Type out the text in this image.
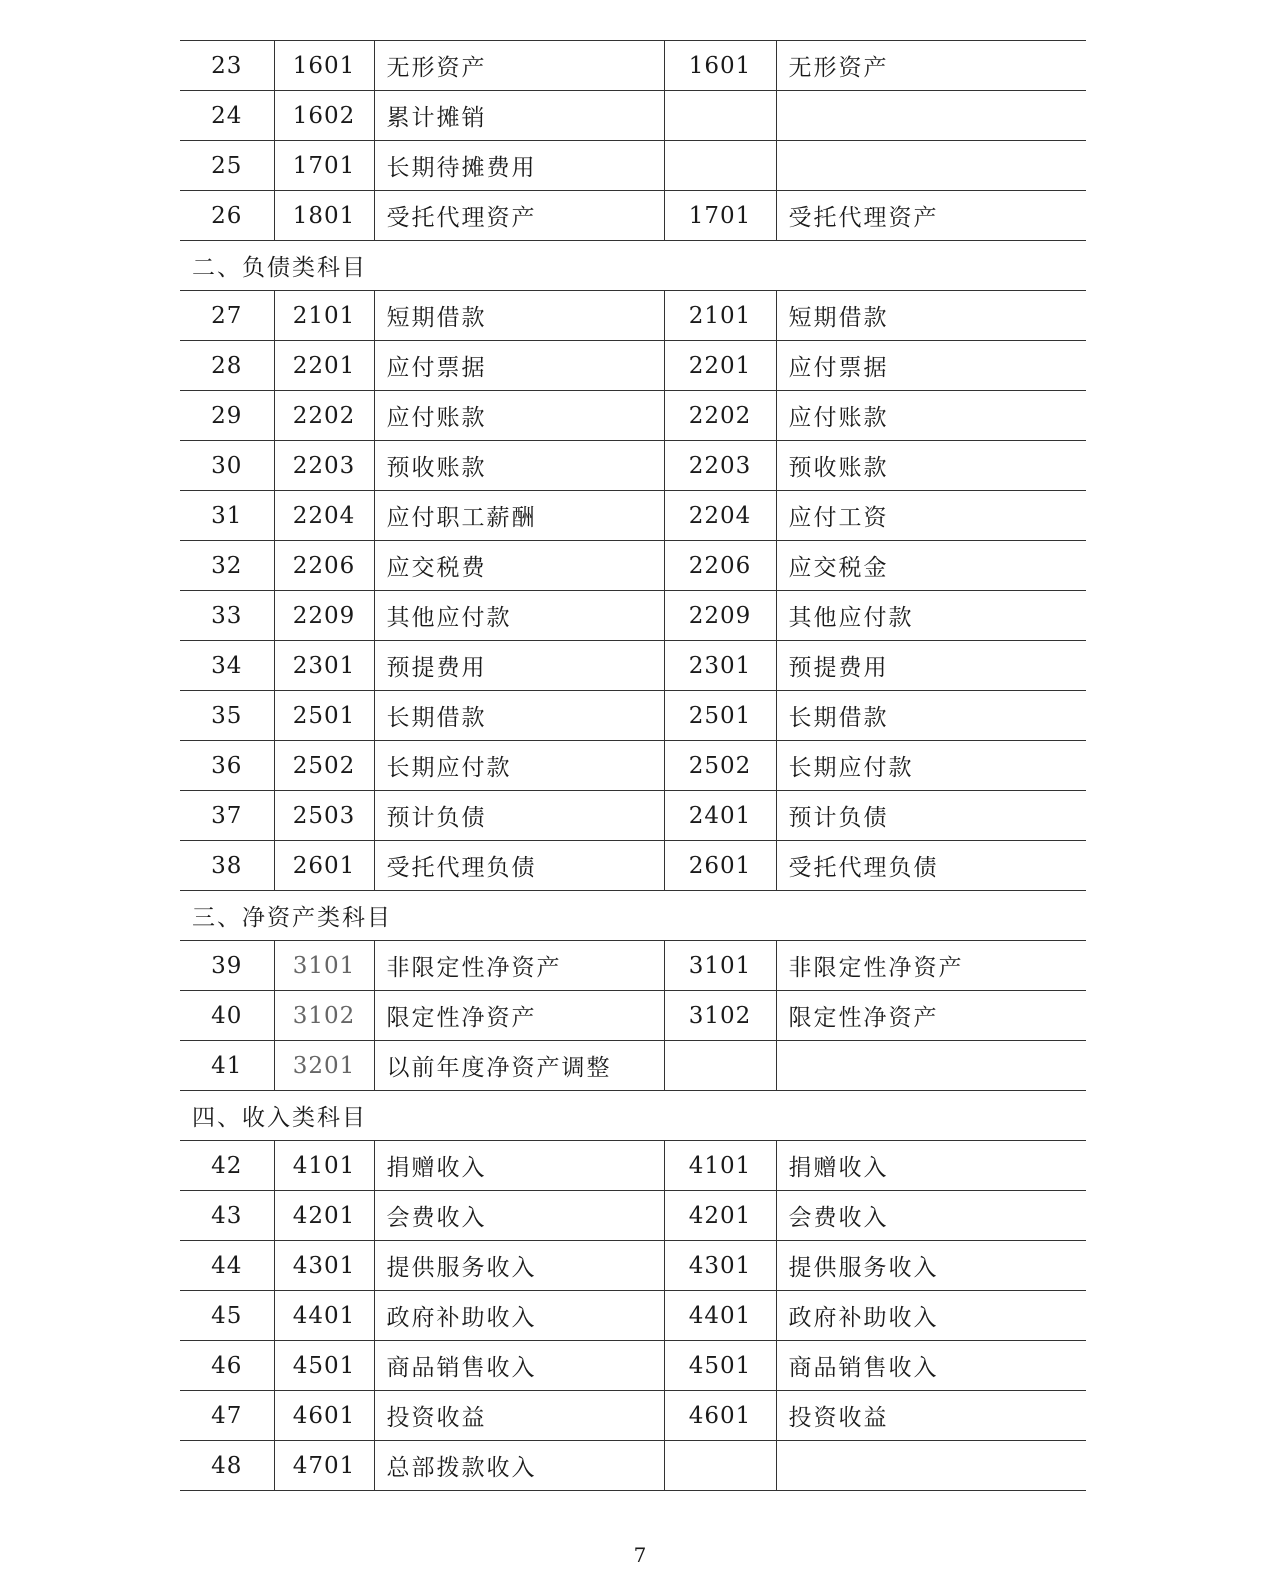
23	1601	无形资产	1601	无形资产
24	1602	累计摊销		
25	1701	长期待摊费用		
26	1801	受托代理资产	1701	受托代理资产
二、负债类科目				
27	2101	短期借款	2101	短期借款
28	2201	应付票据	2201	应付票据
29	2202	应付账款	2202	应付账款
30	2203	预收账款	2203	预收账款
31	2204	应付职工薪酬	2204	应付工资
32	2206	应交税费	2206	应交税金
33	2209	其他应付款	2209	其他应付款
34	2301	预提费用	2301	预提费用
35	2501	长期借款	2501	长期借款
36	2502	长期应付款	2502	长期应付款
37	2503	预计负债	2401	预计负债
38	2601	受托代理负债	2601	受托代理负债
三、净资产类科目				
39	3101	非限定性净资产	3101	非限定性净资产
40	3102	限定性净资产	3102	限定性净资产
41	3201	以前年度净资产调整		
四、收入类科目				
42	4101	捐赠收入	4101	捐赠收入
43	4201	会费收入	4201	会费收入
44	4301	提供服务收入	4301	提供服务收入
45	4401	政府补助收入	4401	政府补助收入
46	4501	商品销售收入	4501	商品销售收入
47	4601	投资收益	4601	投资收益
48	4701	总部拨款收入		
7
